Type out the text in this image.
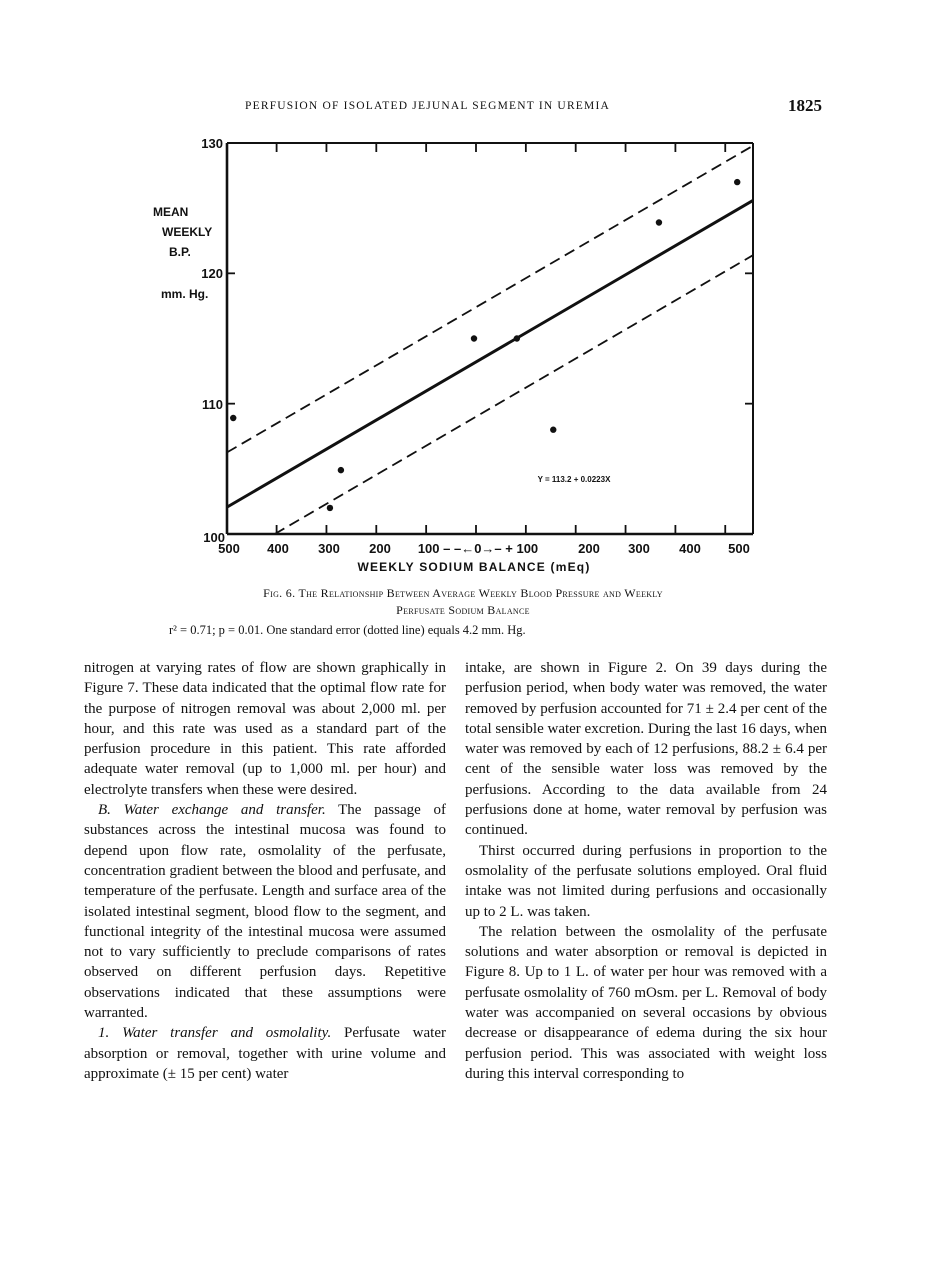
PERFUSION OF ISOLATED JEJUNAL SEGMENT IN UREMIA	1825
500 400 300 200 100 – –←0→– + 100	200 300 400 500
130
120
110
100
MEAN
WEEKLY
B.P.
mm. Hg.
WEEKLY SODIUM BALANCE (mEq)
Y = 113.2 + 0.0223X
Fig. 6. The Relationship Between Average Weekly Blood Pressure and Weekly
Perfusate Sodium Balance
r² = 0.71; p = 0.01. One standard error (dotted line) equals 4.2 mm. Hg.

nitrogen at varying rates of flow are shown graphically in Figure 7. These data indicated that the optimal flow rate for the purpose of nitrogen removal was about 2,000 ml. per hour, and this rate was used as a standard part of the perfusion procedure in this patient. This rate afforded adequate water removal (up to 1,000 ml. per hour) and electrolyte transfers when these were desired.

B. Water exchange and transfer. The passage of substances across the intestinal mucosa was found to depend upon flow rate, osmolality of the perfusate, concentration gradient between the blood and perfusate, and temperature of the perfusate. Length and surface area of the isolated intestinal segment, blood flow to the segment, and functional integrity of the intestinal mucosa were assumed not to vary sufficiently to preclude comparisons of rates observed on different perfusion days. Repetitive observations indicated that these assumptions were warranted.

1. Water transfer and osmolality. Perfusate water absorption or removal, together with urine volume and approximate (± 15 per cent) water

intake, are shown in Figure 2. On 39 days during the perfusion period, when body water was removed, the water removed by perfusion accounted for 71 ± 2.4 per cent of the total sensible water excretion. During the last 16 days, when water was removed by each of 12 perfusions, 88.2 ± 6.4 per cent of the sensible water loss was removed by the perfusions. According to the data available from 24 perfusions done at home, water removal by perfusion was continued.

Thirst occurred during perfusions in proportion to the osmolality of the perfusate solutions employed. Oral fluid intake was not limited during perfusions and occasionally up to 2 L. was taken.

The relation between the osmolality of the perfusate solutions and water absorption or removal is depicted in Figure 8. Up to 1 L. of water per hour was removed with a perfusate osmolality of 760 mOsm. per L. Removal of body water was accompanied on several occasions by obvious decrease or disappearance of edema during the six hour perfusion period. This was associated with weight loss during this interval corresponding to
